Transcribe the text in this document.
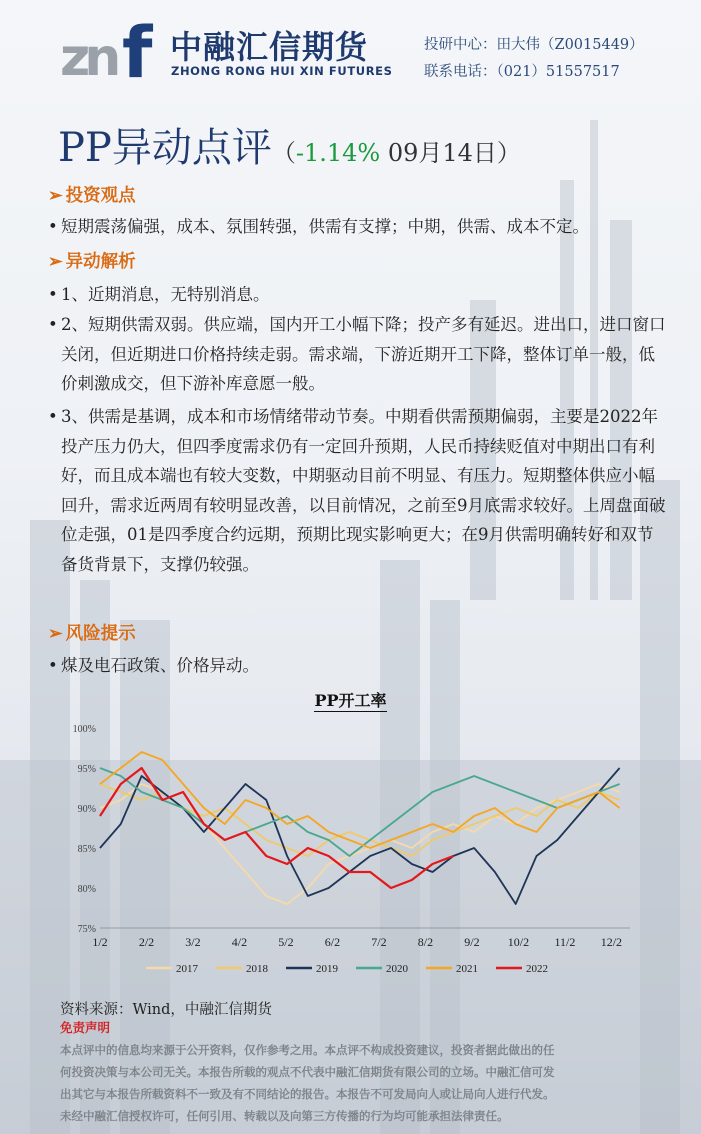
zn f 中融汇信期货
ZHONG RONG HUI XIN FUTURES
投研中心：田大伟（Z0015449）
联系电话：（021）51557517
PP异动点评（-1.14% 09月14日）
➢ 投资观点
• 短期震荡偏强，成本、氛围转强，供需有支撑；中期，供需、成本不定。
➢ 异动解析
• 1、近期消息，无特别消息。
• 2、短期供需双弱。供应端，国内开工小幅下降；投产多有延迟。进出口，进口窗口关闭，但近期进口价格持续走弱。需求端，下游近期开工下降，整体订单一般，低价刺激成交，但下游补库意愿一般。
• 3、供需是基调，成本和市场情绪带动节奏。中期看供需预期偏弱，主要是2022年投产压力仍大，但四季度需求仍有一定回升预期，人民币持续贬值对中期出口有利好，而且成本端也有较大变数，中期驱动目前不明显、有压力。短期整体供应小幅回升，需求近两周有较明显改善，以目前情况，之前至9月底需求较好。上周盘面破位走强，01是四季度合约远期，预期比现实影响更大；在9月供需明确转好和双节备货背景下，支撑仍较强。
➢ 风险提示
• 煤及电石政策、价格异动。
PP开工率
100%
95%
90%
85%
80%
75%
1/2	2/2	3/2	4/2	5/2	6/2	7/2	8/2	9/2 10/2 11/2 12/2
2017	2018	2019	2020	2021	2022
资料来源：Wind，中融汇信期货
免责声明
本点评中的信息均来源于公开资料，仅作参考之用。本点评不构成投资建议，投资者据此做出的任
何投资决策与本公司无关。本报告所载的观点不代表中融汇信期货有限公司的立场。中融汇信可发
出其它与本报告所载资料不一致及有不同结论的报告。本报告不可发局向人或让局向人进行代发。
未经中融汇信授权许可，任何引用、转载以及向第三方传播的行为均可能承担法律责任。
